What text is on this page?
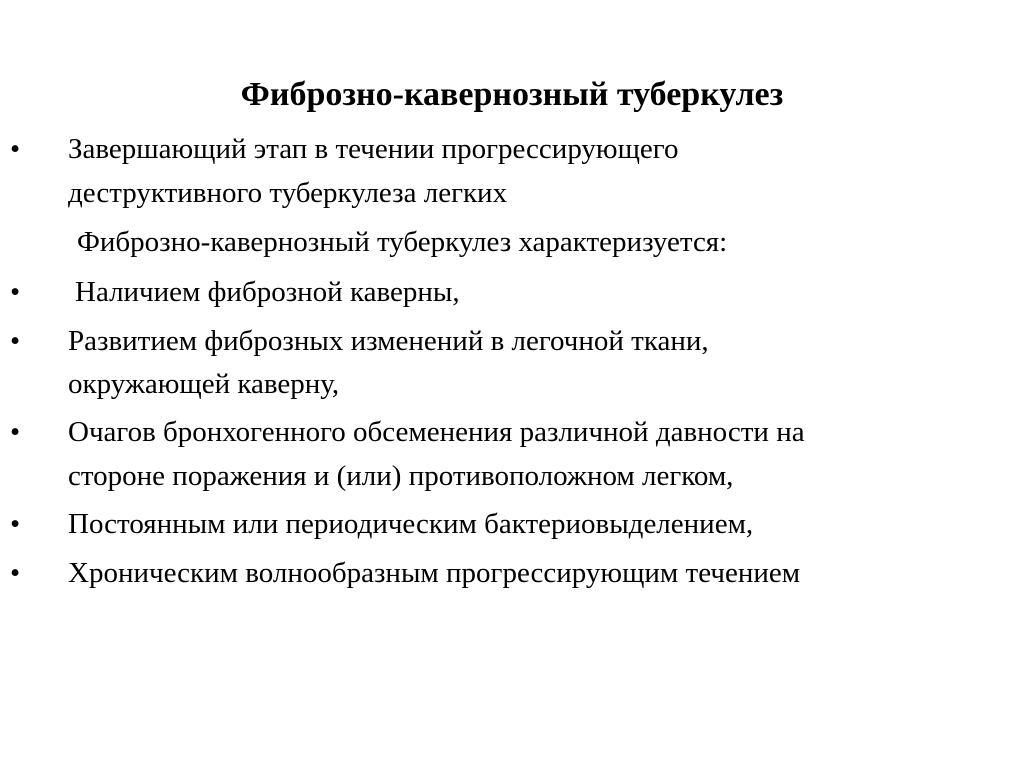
Фиброзно-кавернозный туберкулез
• Завершающий этап в течении прогрессирующего
деструктивного туберкулеза легких
Фиброзно-кавернозный туберкулез характеризуется:
• Наличием фиброзной каверны,
• Развитием фиброзных изменений в легочной ткани,
окружающей каверну,
• Очагов бронхогенного обсеменения различной давности на
стороне поражения и (или) противоположном легком,
• Постоянным или периодическим бактериовыделением,
• Хроническим волнообразным прогрессирующим течением
